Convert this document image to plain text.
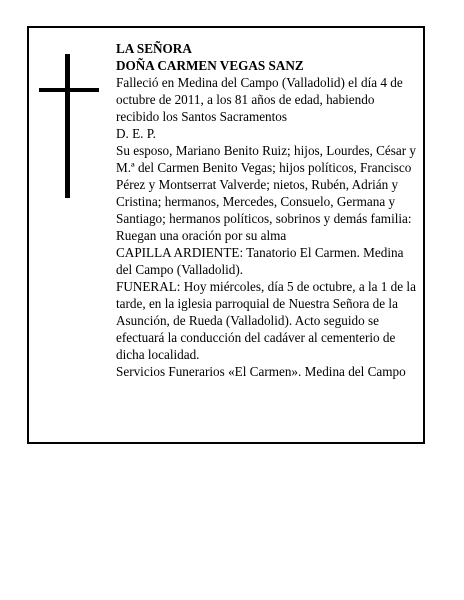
LA SEÑORA

DOÑA CARMEN VEGAS SANZ

Falleció en Medina del Campo (Valladolid) el día 4 de octubre de 2011, a los 81 años de edad, habiendo recibido los Santos Sacramentos

D. E. P.

Su esposo, Mariano Benito Ruiz; hijos, Lourdes, César y M.ª del Carmen Benito Vegas; hijos políticos, Francisco Pérez y Montserrat Valverde; nietos, Rubén, Adrián y Cristina; hermanos, Mercedes, Consuelo, Germana y Santiago; hermanos políticos, sobrinos y demás familia:

Ruegan una oración por su alma

CAPILLA ARDIENTE: Tanatorio El Carmen. Medina del Campo (Valladolid).

FUNERAL: Hoy miércoles, día 5 de octubre, a la 1 de la tarde, en la iglesia parroquial de Nuestra Señora de la Asunción, de Rueda (Valladolid). Acto seguido se efectuará la conducción del cadáver al cementerio de dicha localidad.

Servicios Funerarios «El Carmen». Medina del Campo
